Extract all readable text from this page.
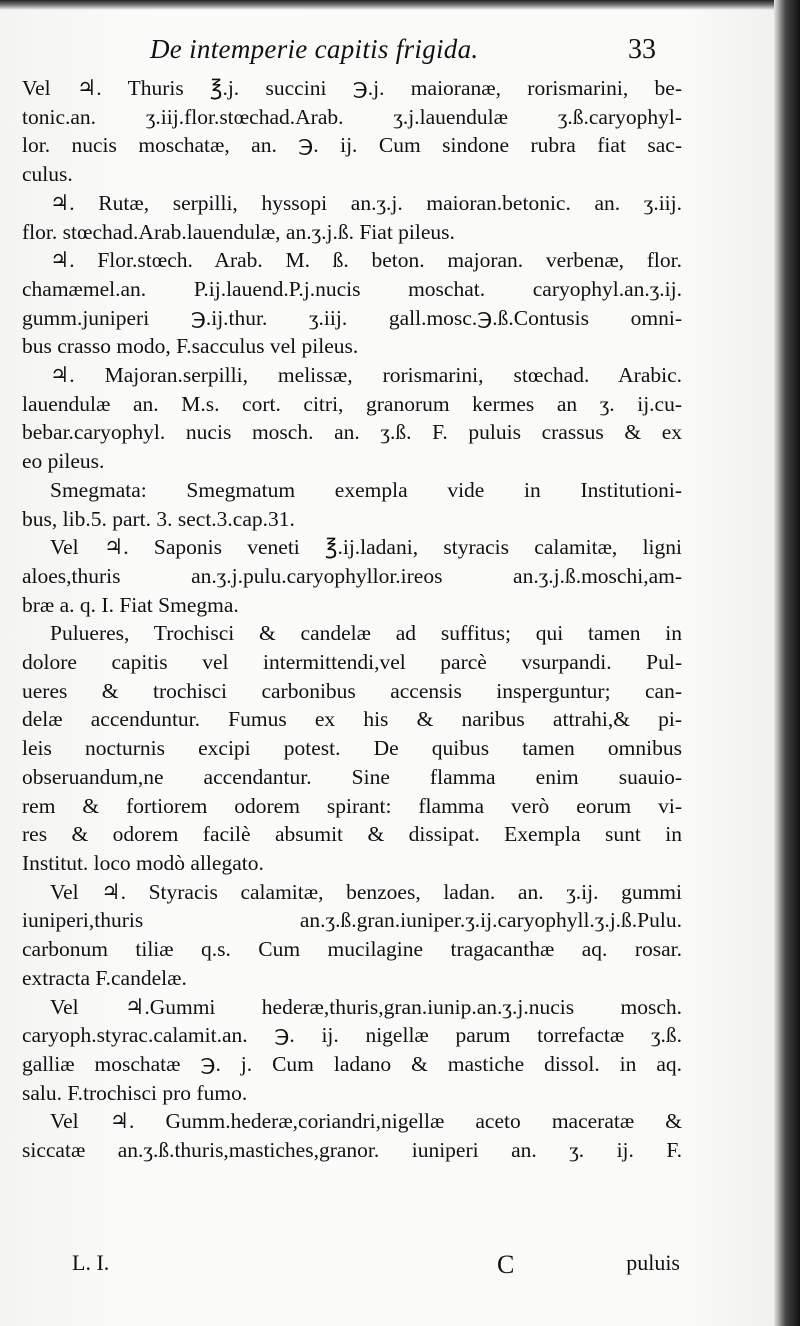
De intemperie capitis frigida.	33
Vel ♃. Thuris ℥.j. succini ℈.j. maioranæ, rorismarini, be-
tonic.an. ʒ.iij.flor.stœchad.Arab. ʒ.j.lauendulæ ʒ.ß.caryophyl-
lor. nucis moschatæ, an. ℈. ij. Cum sindone rubra fiat sac-
culus.
♃. Rutæ, serpilli, hyssopi an.ʒ.j. maioran.betonic. an. ʒ.iij.
flor. stœchad.Arab.lauendulæ, an.ʒ.j.ß. Fiat pileus.
♃. Flor.stœch. Arab. M. ß. beton. majoran. verbenæ, flor.
chamæmel.an. P.ij.lauend.P.j.nucis moschat. caryophyl.an.ʒ.ij.
gumm.juniperi ℈.ij.thur. ʒ.iij. gall.mosc.℈.ß.Contusis omni-
bus crasso modo, F.sacculus vel pileus.
♃. Majoran.serpilli, melissæ, rorismarini, stœchad. Arabic.
lauendulæ an. M.s. cort. citri, granorum kermes an ʒ. ij.cu-
bebar.caryophyl. nucis mosch. an. ʒ.ß. F. puluis crassus & ex
eo pileus.
Smegmata: Smegmatum exempla vide in Institutioni-
bus, lib.5. part. 3. sect.3.cap.31.
Vel ♃. Saponis veneti ℥.ij.ladani, styracis calamitæ, ligni
aloes,thuris an.ʒ.j.pulu.caryophyllor.ireos an.ʒ.j.ß.moschi,am-
bræ a. q. I. Fiat Smegma.
Pulueres, Trochisci & candelæ ad suffitus; qui tamen in
dolore capitis vel intermittendi,vel parcè vsurpandi. Pul-
ueres & trochisci carbonibus accensis insperguntur; can-
delæ accenduntur. Fumus ex his & naribus attrahi,& pi-
leis nocturnis excipi potest. De quibus tamen omnibus
obseruandum,ne accendantur. Sine flamma enim suauio-
rem & fortiorem odorem spirant: flamma verò eorum vi-
res & odorem facilè absumit & dissipat. Exempla sunt in
Institut. loco modò allegato.
Vel ♃. Styracis calamitæ, benzoes, ladan. an. ʒ.ij. gummi
iuniperi,thuris an.ʒ.ß.gran.iuniper.ʒ.ij.caryophyll.ʒ.j.ß.Pulu.
carbonum tiliæ q.s. Cum mucilagine tragacanthæ aq. rosar.
extracta F.candelæ.
Vel ♃.Gummi hederæ,thuris,gran.iunip.an.ʒ.j.nucis mosch.
caryoph.styrac.calamit.an. ℈. ij. nigellæ parum torrefactæ ʒ.ß.
galliæ moschatæ ℈. j. Cum ladano & mastiche dissol. in aq.
salu. F.trochisci pro fumo.
Vel ♃. Gumm.hederæ,coriandri,nigellæ aceto maceratæ &
siccatæ an.ʒ.ß.thuris,mastiches,granor. iuniperi an. ʒ. ij. F.
L. I.	C	puluis
